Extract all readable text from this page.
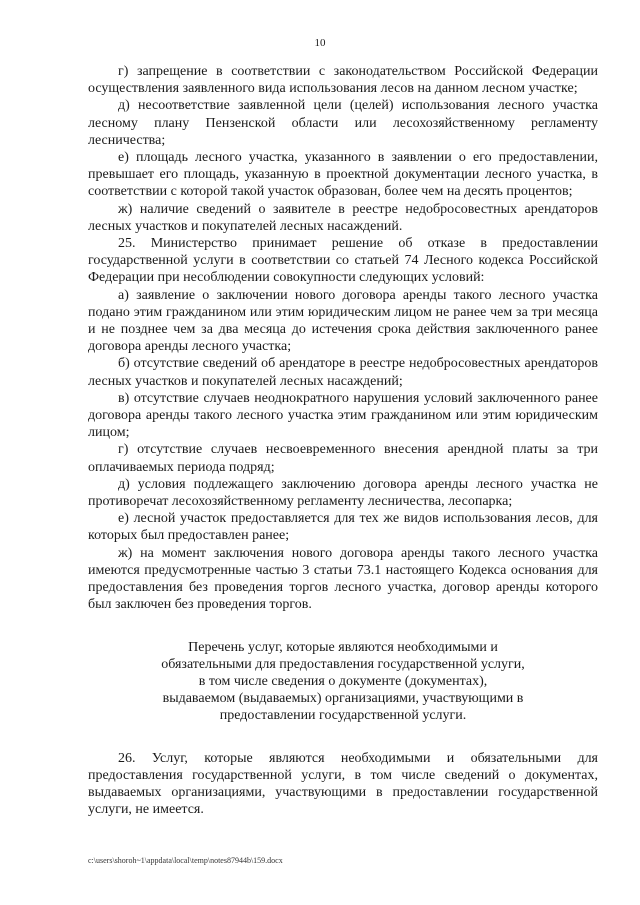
10

г) запрещение в соответствии с законодательством Российской Федерации осуществления заявленного вида использования лесов на данном лесном участке;

д) несоответствие заявленной цели (целей) использования лесного участка лесному плану Пензенской области или лесохозяйственному регламенту лесничества;

е) площадь лесного участка, указанного в заявлении о его предоставлении, превышает его площадь, указанную в проектной документации лесного участка, в соответствии с которой такой участок образован, более чем на десять процентов;

ж) наличие сведений о заявителе в реестре недобросовестных арендаторов лесных участков и покупателей лесных насаждений.

25. Министерство принимает решение об отказе в предоставлении государственной услуги в соответствии со статьей 74 Лесного кодекса Российской Федерации при несоблюдении совокупности следующих условий:

а) заявление о заключении нового договора аренды такого лесного участка подано этим гражданином или этим юридическим лицом не ранее чем за три месяца и не позднее чем за два месяца до истечения срока действия заключенного ранее договора аренды лесного участка;

б) отсутствие сведений об арендаторе в реестре недобросовестных арендаторов лесных участков и покупателей лесных насаждений;

в) отсутствие случаев неоднократного нарушения условий заключенного ранее договора аренды такого лесного участка этим гражданином или этим юридическим лицом;

г) отсутствие случаев несвоевременного внесения арендной платы за три оплачиваемых периода подряд;

д) условия подлежащего заключению договора аренды лесного участка не противоречат лесохозяйственному регламенту лесничества, лесопарка;

е) лесной участок предоставляется для тех же видов использования лесов, для которых был предоставлен ранее;

ж) на момент заключения нового договора аренды такого лесного участка имеются предусмотренные частью 3 статьи 73.1 настоящего Кодекса основания для предоставления без проведения торгов лесного участка, договор аренды которого был заключен без проведения торгов.

Перечень услуг, которые являются необходимыми и
обязательными для предоставления государственной услуги,
в том числе сведения о документе (документах),
выдаваемом (выдаваемых) организациями, участвующими в
предоставлении государственной услуги.

26. Услуг, которые являются необходимыми и обязательными для предоставления государственной услуги, в том числе сведений о документах, выдаваемых организациями, участвующими в предоставлении государственной услуги, не имеется.

c:\users\shoroh~1\appdata\local\temp\notes87944b\159.docx
